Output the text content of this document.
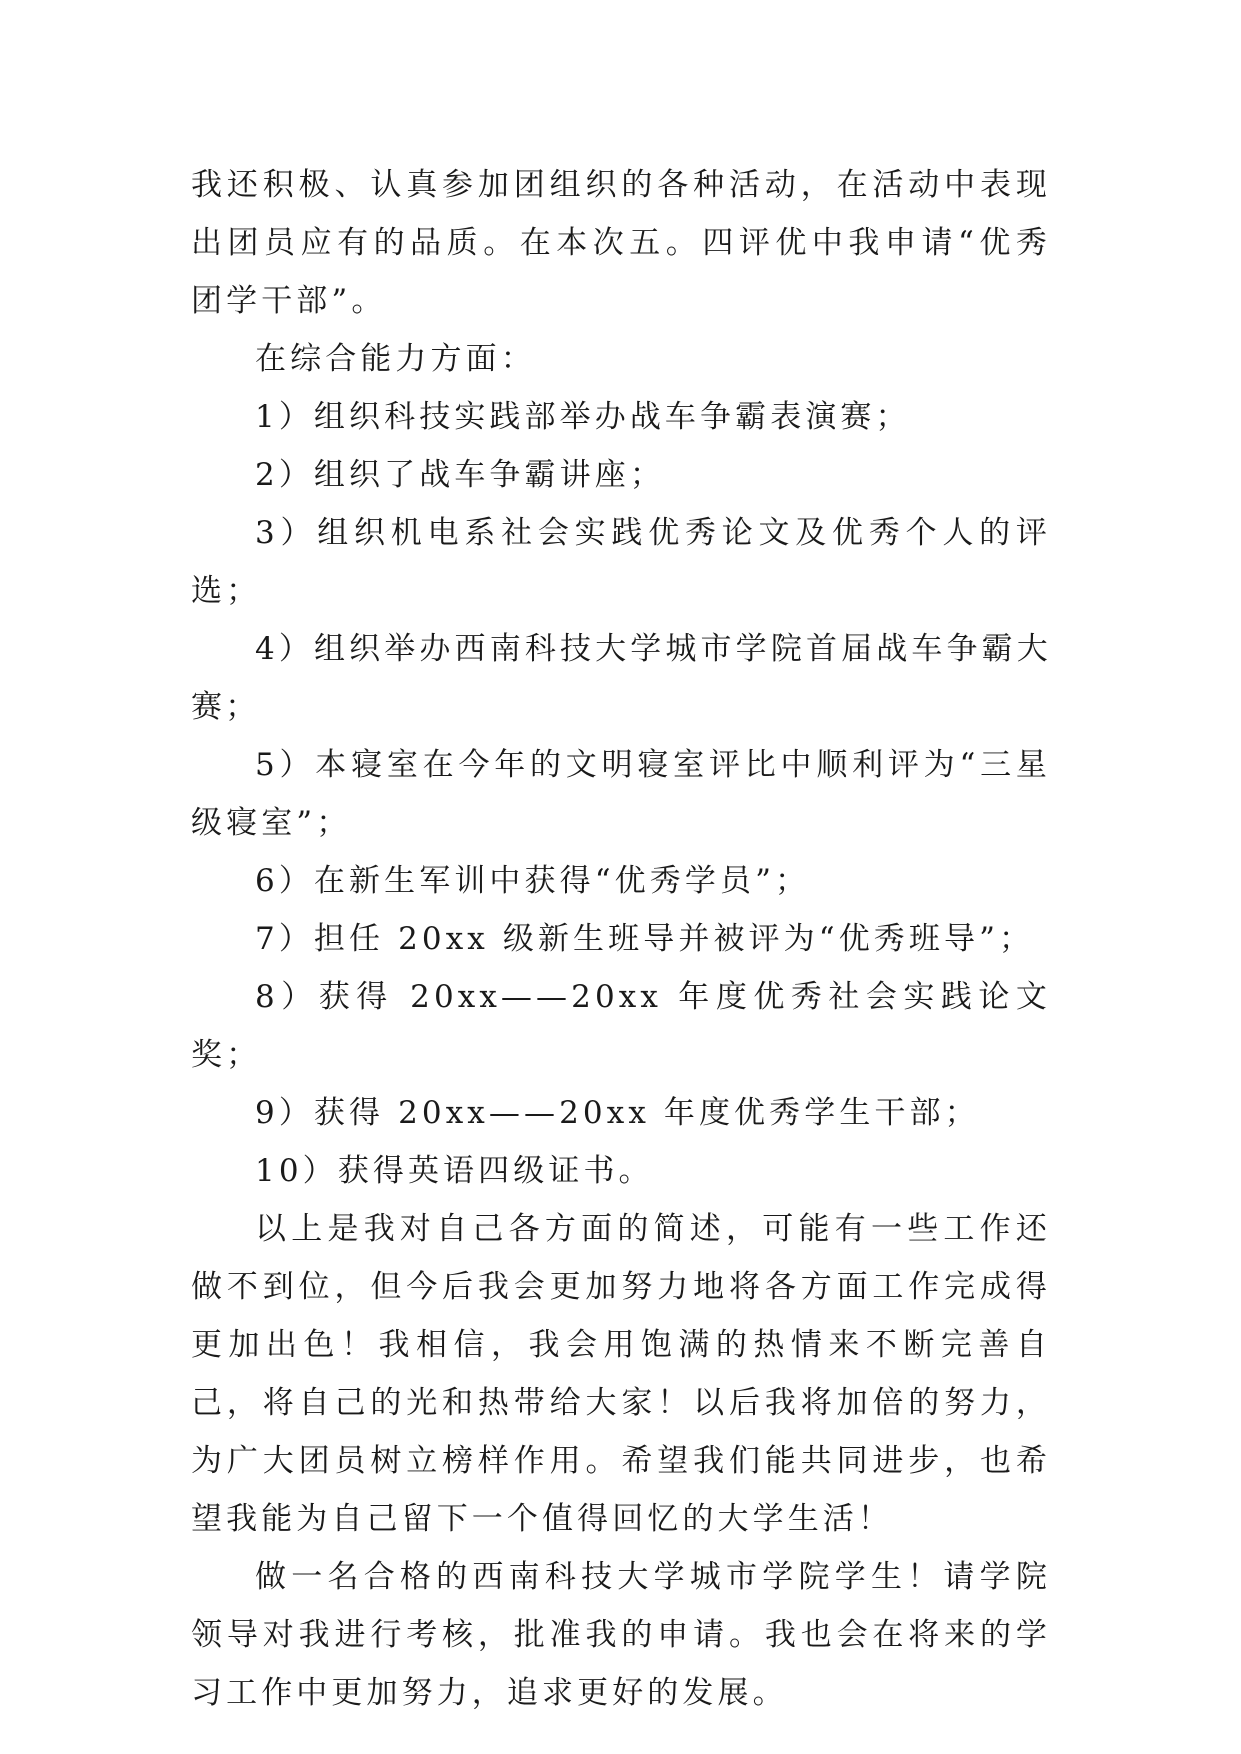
我还积极、认真参加团组织的各种活动，在活动中表现出团员应有的品质。在本次五。四评优中我申请“优秀团学干部”。

在综合能力方面：

1）组织科技实践部举办战车争霸表演赛；

2）组织了战车争霸讲座；

3）组织机电系社会实践优秀论文及优秀个人的评选；

4）组织举办西南科技大学城市学院首届战车争霸大赛；

5）本寝室在今年的文明寝室评比中顺利评为“三星级寝室”；

6）在新生军训中获得“优秀学员”；

7）担任 20xx 级新生班导并被评为“优秀班导”；

8）获得 20xx——20xx 年度优秀社会实践论文奖；

9）获得 20xx——20xx 年度优秀学生干部；

10）获得英语四级证书。

以上是我对自己各方面的简述，可能有一些工作还做不到位，但今后我会更加努力地将各方面工作完成得更加出色！我相信，我会用饱满的热情来不断完善自己，将自己的光和热带给大家！以后我将加倍的努力，为广大团员树立榜样作用。希望我们能共同进步，也希望我能为自己留下一个值得回忆的大学生活！

做一名合格的西南科技大学城市学院学生！请学院领导对我进行考核，批准我的申请。我也会在将来的学习工作中更加努力，追求更好的发展。
